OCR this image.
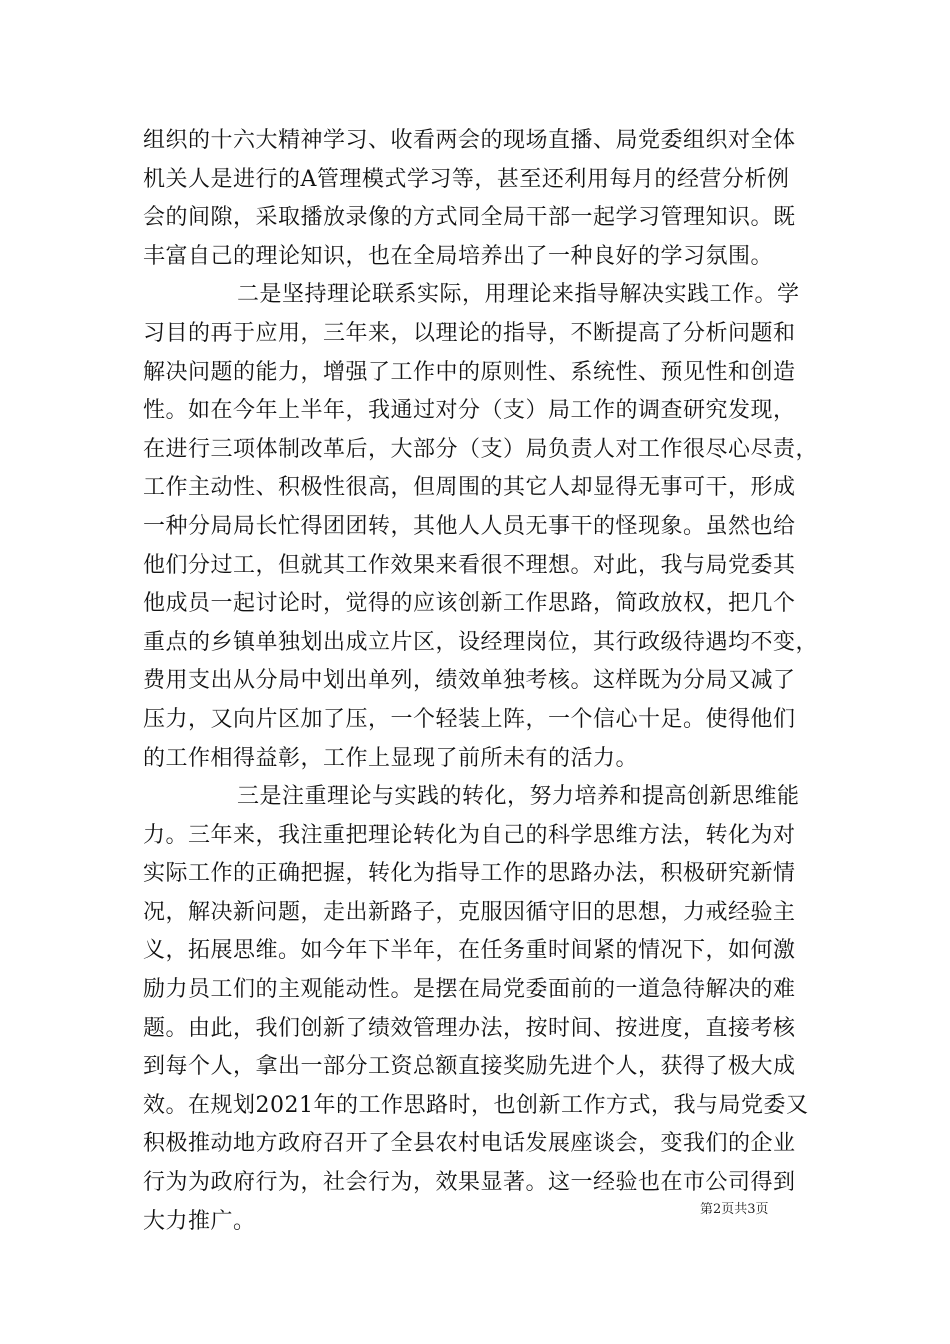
组织的十六大精神学习、收看两会的现场直播、局党委组织对全体
机关人是进行的A管理模式学习等，甚至还利用每月的经营分析例
会的间隙，采取播放录像的方式同全局干部一起学习管理知识。既
丰富自己的理论知识，也在全局培养出了一种良好的学习氛围。
二是坚持理论联系实际，用理论来指导解决实践工作。学
习目的再于应用，三年来，以理论的指导，不断提高了分析问题和
解决问题的能力，增强了工作中的原则性、系统性、预见性和创造
性。如在今年上半年，我通过对分（支）局工作的调查研究发现，
在进行三项体制改革后，大部分（支）局负责人对工作很尽心尽责，
工作主动性、积极性很高，但周围的其它人却显得无事可干，形成
一种分局局长忙得团团转，其他人人员无事干的怪现象。虽然也给
他们分过工，但就其工作效果来看很不理想。对此，我与局党委其
他成员一起讨论时，觉得的应该创新工作思路，简政放权，把几个
重点的乡镇单独划出成立片区，设经理岗位，其行政级待遇均不变，
费用支出从分局中划出单列，绩效单独考核。这样既为分局又减了
压力，又向片区加了压，一个轻装上阵，一个信心十足。使得他们
的工作相得益彰，工作上显现了前所未有的活力。
三是注重理论与实践的转化，努力培养和提高创新思维能
力。三年来，我注重把理论转化为自己的科学思维方法，转化为对
实际工作的正确把握，转化为指导工作的思路办法，积极研究新情
况，解决新问题，走出新路子，克服因循守旧的思想，力戒经验主
义，拓展思维。如今年下半年，在任务重时间紧的情况下，如何激
励力员工们的主观能动性。是摆在局党委面前的一道急待解决的难
题。由此，我们创新了绩效管理办法，按时间、按进度，直接考核
到每个人，拿出一部分工资总额直接奖励先进个人，获得了极大成
效。在规划2021年的工作思路时，也创新工作方式，我与局党委又
积极推动地方政府召开了全县农村电话发展座谈会，变我们的企业
行为为政府行为，社会行为，效果显著。这一经验也在市公司得到
大力推广。	第2页共3页
